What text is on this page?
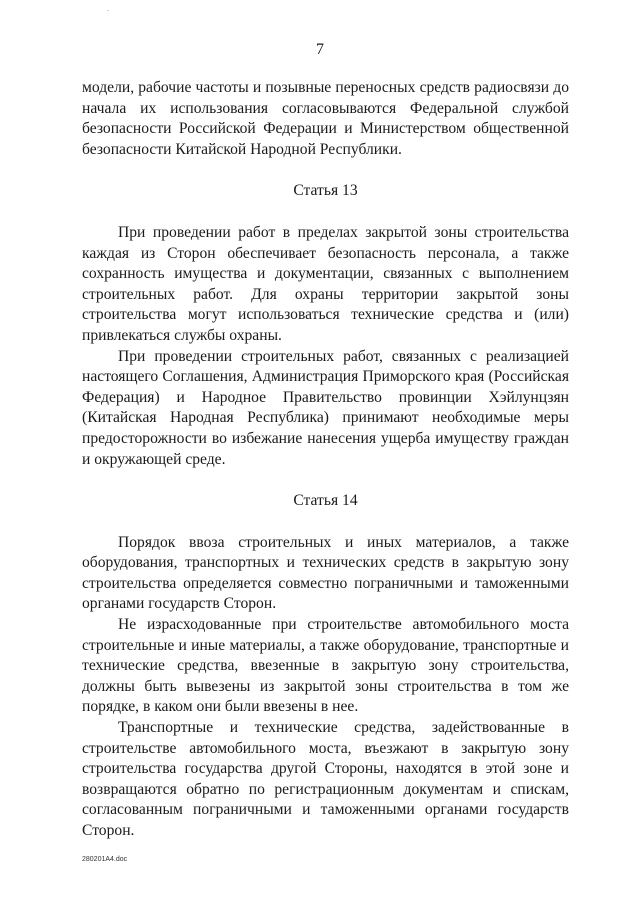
-
7

модели, рабочие частоты и позывные переносных средств радиосвязи до начала их использования согласовываются Федеральной службой безопасности Российской Федерации и Министерством общественной безопасности Китайской Народной Республики.

Статья 13

При проведении работ в пределах закрытой зоны строительства каждая из Сторон обеспечивает безопасность персонала, а также сохранность имущества и документации, связанных с выполнением строительных работ. Для охраны территории закрытой зоны строительства могут использоваться технические средства и (или) привлекаться службы охраны.

При проведении строительных работ, связанных с реализацией настоящего Соглашения, Администрация Приморского края (Российская Федерация) и Народное Правительство провинции Хэйлунцзян (Китайская Народная Республика) принимают необходимые меры предосторожности во избежание нанесения ущерба имуществу граждан и окружающей среде.

Статья 14

Порядок ввоза строительных и иных материалов, а также оборудования, транспортных и технических средств в закрытую зону строительства определяется совместно пограничными и таможенными органами государств Сторон.

Не израсходованные при строительстве автомобильного моста строительные и иные материалы, а также оборудование, транспортные и технические средства, ввезенные в закрытую зону строительства, должны быть вывезены из закрытой зоны строительства в том же порядке, в каком они были ввезены в нее.

Транспортные и технические средства, задействованные в строительстве автомобильного моста, въезжают в закрытую зону строительства государства другой Стороны, находятся в этой зоне и возвращаются обратно по регистрационным документам и спискам, согласованным пограничными и таможенными органами государств Сторон.

280201A4.doc
